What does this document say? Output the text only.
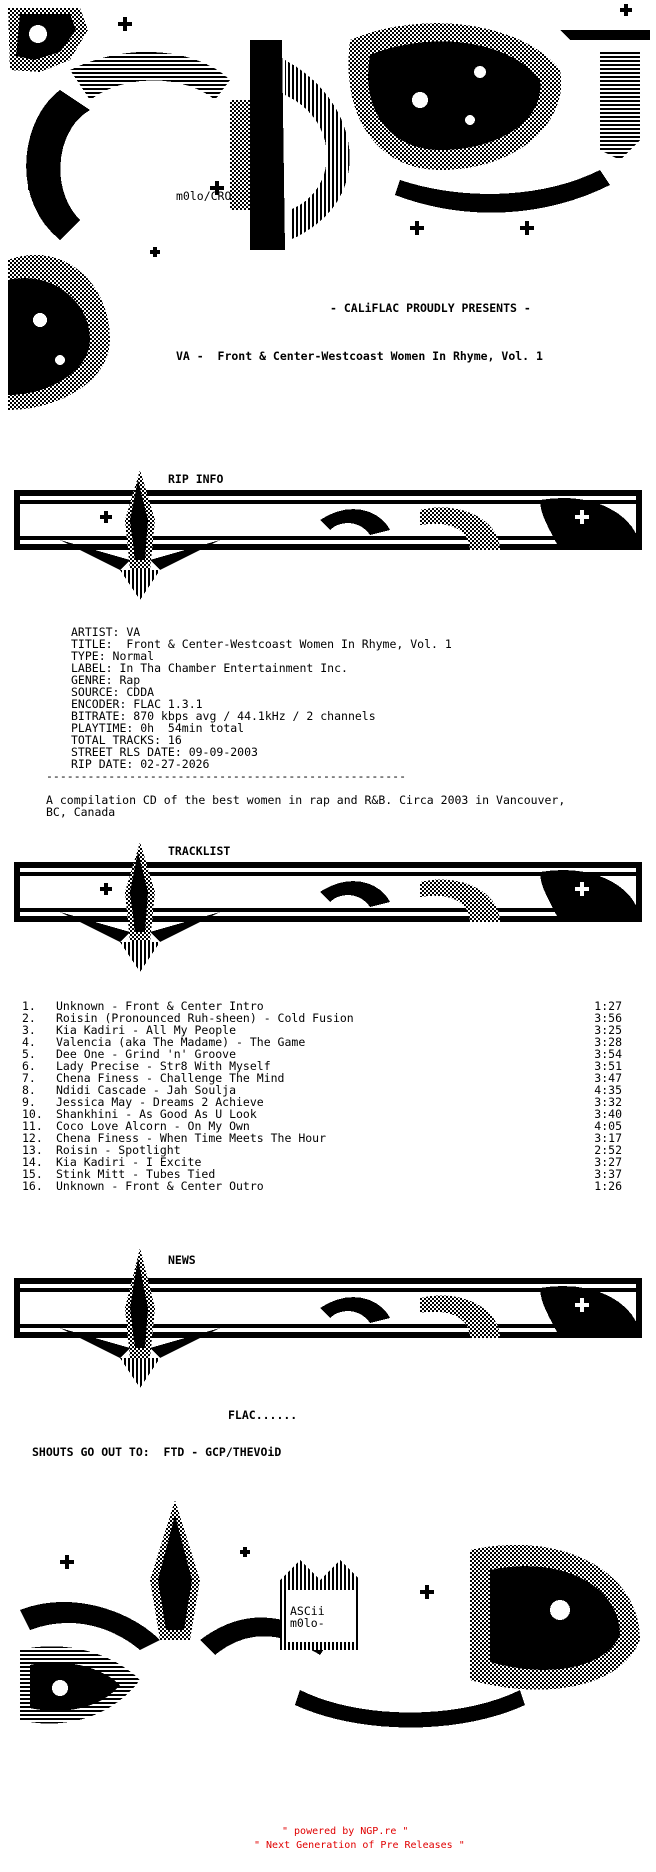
m0lo/CRO

- CALiFLAC PROUDLY PRESENTS -

VA -  Front & Center-Westcoast Women In Rhyme, Vol. 1

RIP INFO

ARTIST: VA
TITLE:  Front & Center-Westcoast Women In Rhyme, Vol. 1
TYPE: Normal
LABEL: In Tha Chamber Entertainment Inc.
GENRE: Rap
SOURCE: CDDA
ENCODER: FLAC 1.3.1
BITRATE: 870 kbps avg / 44.1kHz / 2 channels
PLAYTIME: 0h  54min total
TOTAL TRACKS: 16
STREET RLS DATE: 09-09-2003
RIP DATE: 02-27-2026

----------------------------------------------------

A compilation CD of the best women in rap and R&B. Circa 2003 in Vancouver,
BC, Canada

TRACKLIST

1. Unknown - Front & Center Intro	1:27
2. Roisin (Pronounced Ruh-sheen) - Cold Fusion	3:56
3. Kia Kadiri - All My People	3:25
4. Valencia (aka The Madame) - The Game	3:28
5. Dee One - Grind 'n' Groove	3:54
6. Lady Precise - Str8 With Myself	3:51
7. Chena Finess - Challenge The Mind	3:47
8. Ndidi Cascade - Jah Soulja	4:35
9. Jessica May - Dreams 2 Achieve	3:32
10. Shankhini - As Good As U Look	3:40
11. Coco Love Alcorn - On My Own	4:05
12. Chena Finess - When Time Meets The Hour	3:17
13. Roisin - Spotlight	2:52
14. Kia Kadiri - I Excite	3:27
15. Stink Mitt - Tubes Tied	3:37
16. Unknown - Front & Center Outro	1:26

NEWS

FLAC......

SHOUTS GO OUT TO:  FTD - GCP/THEVOiD

ASCii

m0lo-

" powered by NGP.re "

" Next Generation of Pre Releases "
